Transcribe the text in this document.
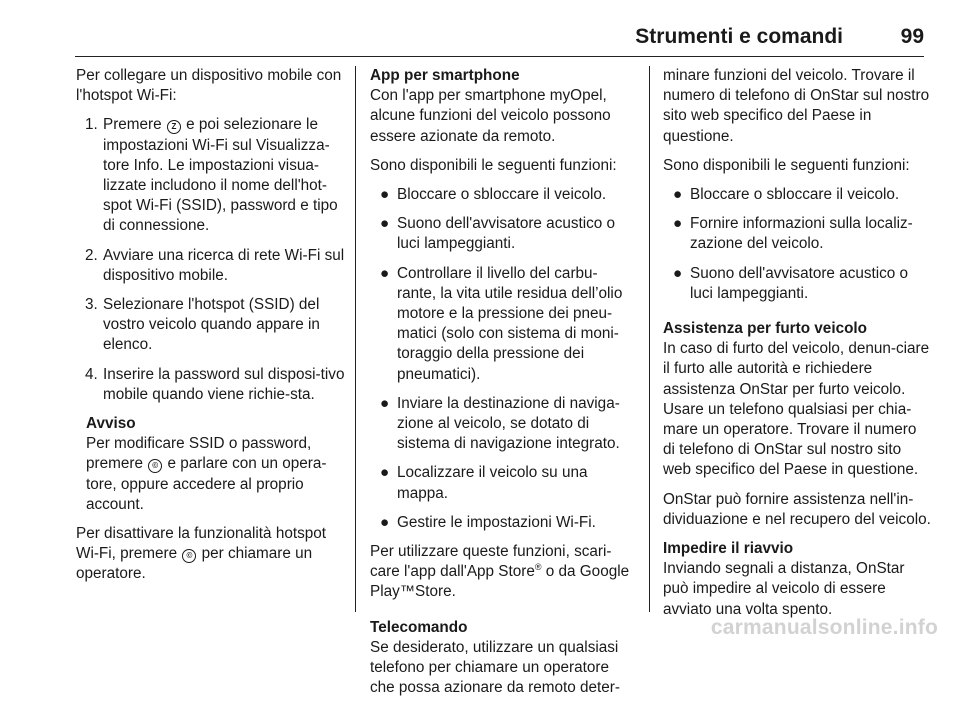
Strumenti e comandi	99

Per collegare un dispositivo mobile con l'hotspot Wi-Fi:

1. Premere Z e poi selezionare le impostazioni Wi-Fi sul Visualizza-tore Info. Le impostazioni visua-lizzate includono il nome dell'hot-spot Wi-Fi (SSID), password e tipo di connessione.
2. Avviare una ricerca di rete Wi-Fi sul dispositivo mobile.
3. Selezionare l'hotspot (SSID) del vostro veicolo quando appare in elenco.
4. Inserire la password sul disposi-tivo mobile quando viene richie-sta.
Avviso
Per modificare SSID o password, premere © e parlare con un opera-tore, oppure accedere al proprio account.

Per disattivare la funzionalità hotspot Wi-Fi, premere © per chiamare un operatore.

App per smartphone

Con l'app per smartphone myOpel, alcune funzioni del veicolo possono essere azionate da remoto.

Sono disponibili le seguenti funzioni:

● Bloccare o sbloccare il veicolo.
● Suono dell'avvisatore acustico o luci lampeggianti.
● Controllare il livello del carbu-rante, la vita utile residua dell’olio motore e la pressione dei pneu-matici (solo con sistema di moni-toraggio della pressione dei pneumatici).
● Inviare la destinazione di naviga-zione al veicolo, se dotato di sistema di navigazione integrato.
● Localizzare il veicolo su una mappa.
● Gestire le impostazioni Wi-Fi.

Per utilizzare queste funzioni, scari-care l'app dall'App Store® o da Google Play™Store.

Telecomando

Se desiderato, utilizzare un qualsiasi telefono per chiamare un operatore che possa azionare da remoto deter-

minare funzioni del veicolo. Trovare il numero di telefono di OnStar sul nostro sito web specifico del Paese in questione.

Sono disponibili le seguenti funzioni:

● Bloccare o sbloccare il veicolo.
● Fornire informazioni sulla localiz-zazione del veicolo.
● Suono dell'avvisatore acustico o luci lampeggianti.
Assistenza per furto veicolo

In caso di furto del veicolo, denun-ciare il furto alle autorità e richiedere assistenza OnStar per furto veicolo. Usare un telefono qualsiasi per chia-mare un operatore. Trovare il numero di telefono di OnStar sul nostro sito web specifico del Paese in questione.

OnStar può fornire assistenza nell'in-dividuazione e nel recupero del veicolo.

Impedire il riavvio

Inviando segnali a distanza, OnStar può impedire al veicolo di essere avviato una volta spento.

carmanualsonline.info
